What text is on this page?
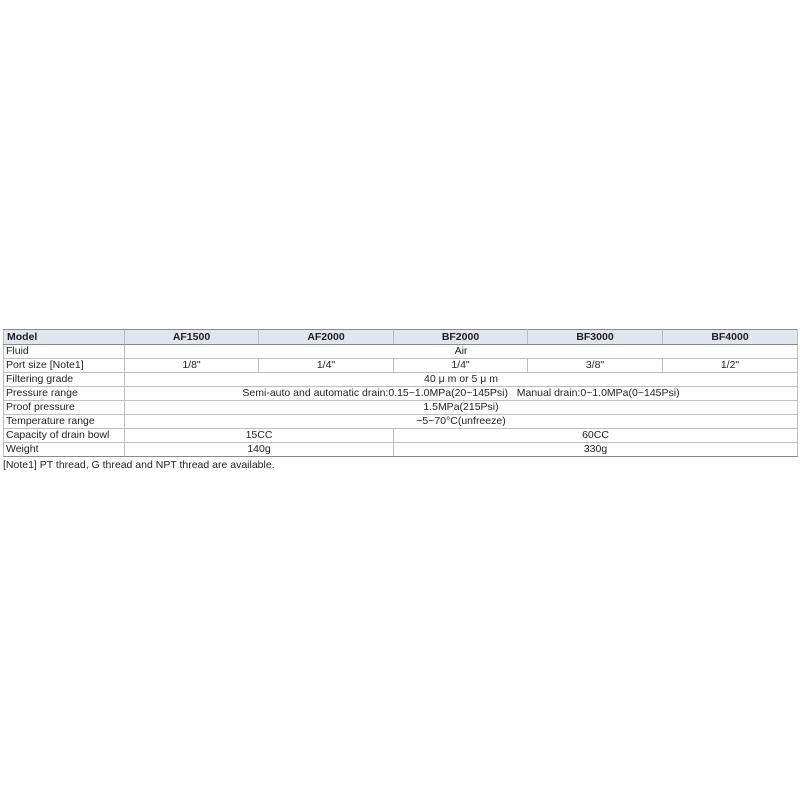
Model	AF1500	AF2000	BF2000	BF3000	BF4000
Fluid	Air				
Port size [Note1]	1/8"	1/4"	1/4"	3/8"	1/2"
Filtering grade	40 μ m or 5 μ m				
Pressure range	Semi-auto and automatic drain:0.15~1.0MPa(20~145Psi)   Manual drain:0~1.0MPa(0~145Psi)				
Proof pressure	1.5MPa(215Psi)				
Temperature range	−5~70°C(unfreeze)				
Capacity of drain bowl	15CC		60CC		
Weight	140g		330g		
[Note1] PT thread, G thread and NPT thread are available.
